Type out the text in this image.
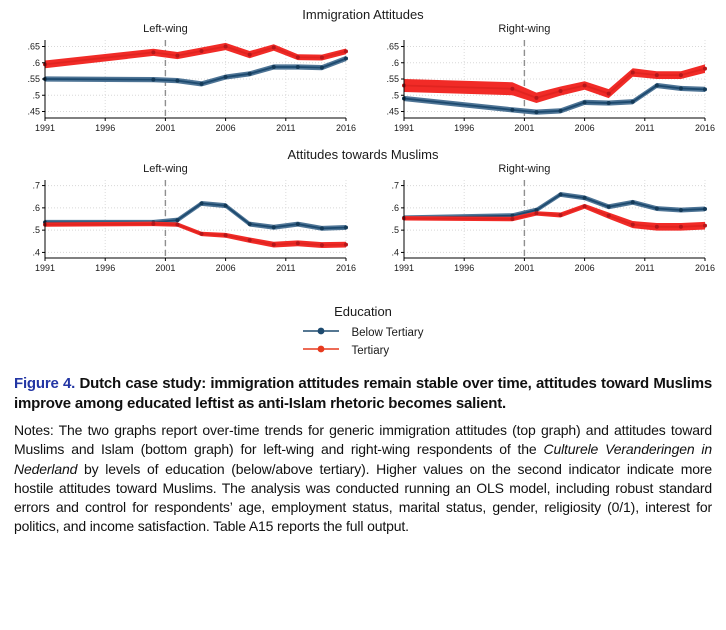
Immigration Attitudes
.45
.5
.55
.6
.65
1991	1996	2001	2006	2011	2016
Left-wing
.45
.5
.55
.6
.65
1991	1996	2001	2006	2011	2016
Right-wing
Attitudes towards Muslims
.4
.5
.6
.7
1991	1996	2001	2006	2011	2016
Left-wing
.4
.5
.6
.7
1991	1996	2001	2006	2011	2016
Right-wing
Education
Below Tertiary
Tertiary
Figure 4. Dutch case study: immigration attitudes remain stable over time, attitudes toward Muslims improve among educated leftist as anti-Islam rhetoric becomes salient.

Notes: The two graphs report over-time trends for generic immigration attitudes (top graph) and attitudes toward Muslims and Islam (bottom graph) for left-wing and right-wing respondents of the Culturele Veranderingen in Nederland by levels of education (below/above tertiary). Higher values on the second indicator indicate more hostile attitudes toward Muslims. The analysis was conducted running an OLS model, including robust standard errors and control for respondents’ age, employment status, marital status, gender, religiosity (0/1), interest for politics, and income satisfaction. Table A15 reports the full output.
